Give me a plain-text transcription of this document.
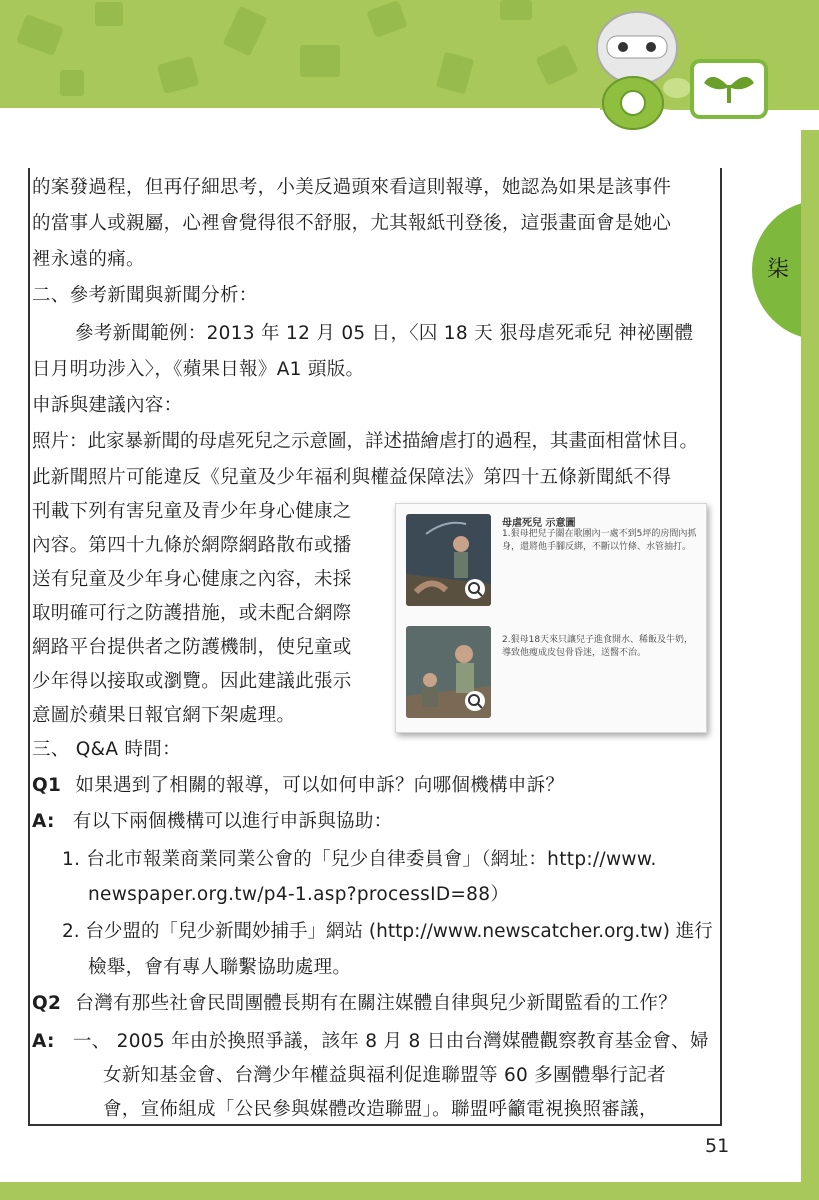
柒
51
的案發過程，但再仔細思考，小美反過頭來看這則報導，她認為如果是該事件
的當事人或親屬，心裡會覺得很不舒服，尤其報紙刊登後，這張畫面會是她心
裡永遠的痛。
二、參考新聞與新聞分析：
參考新聞範例：2013 年 12 月 05 日，〈囚 18 天 狠母虐死乖兒 神祕團體
日月明功涉入〉，《蘋果日報》A1 頭版。
申訴與建議內容：
照片：此家暴新聞的母虐死兒之示意圖，詳述描繪虐打的過程，其畫面相當怵目。
此新聞照片可能違反《兒童及少年福利與權益保障法》第四十五條新聞紙不得
刊載下列有害兒童及青少年身心健康之
內容。第四十九條於網際網路散布或播
送有兒童及少年身心健康之內容，未採
取明確可行之防護措施，或未配合網際
網路平台提供者之防護機制，使兒童或
少年得以接取或瀏覽。因此建議此張示
意圖於蘋果日報官網下架處理。
三、 Q&A 時間：
Q1 如果遇到了相關的報導，可以如何申訴？向哪個機構申訴？
A: 有以下兩個機構可以進行申訴與協助：
1. 台北市報業商業同業公會的「兒少自律委員會」（網址：http://www.
newspaper.org.tw/p4-1.asp?processID=88）
2. 台少盟的「兒少新聞妙捕手」網站 (http://www.newscatcher.org.tw) 進行
檢舉，會有專人聯繫協助處理。
Q2 台灣有那些社會民間團體長期有在關注媒體自律與兒少新聞監看的工作？
A: 一、 2005 年由於換照爭議，該年 8 月 8 日由台灣媒體觀察教育基金會、婦
女新知基金會、台灣少年權益與福利促進聯盟等 60 多團體舉行記者
會，宣佈組成「公民參與媒體改造聯盟」。聯盟呼籲電視換照審議，
母虐死兒 示意圖
1.狠母把兒子關在歌團內一處不到5坪的房間內抓身，還將他手腳反綁，不斷以竹條、水管抽打。
2.狠母18天來只讓兒子進食開水、稀飯及牛奶，導致他瘦成皮包骨昏迷，送醫不治。
